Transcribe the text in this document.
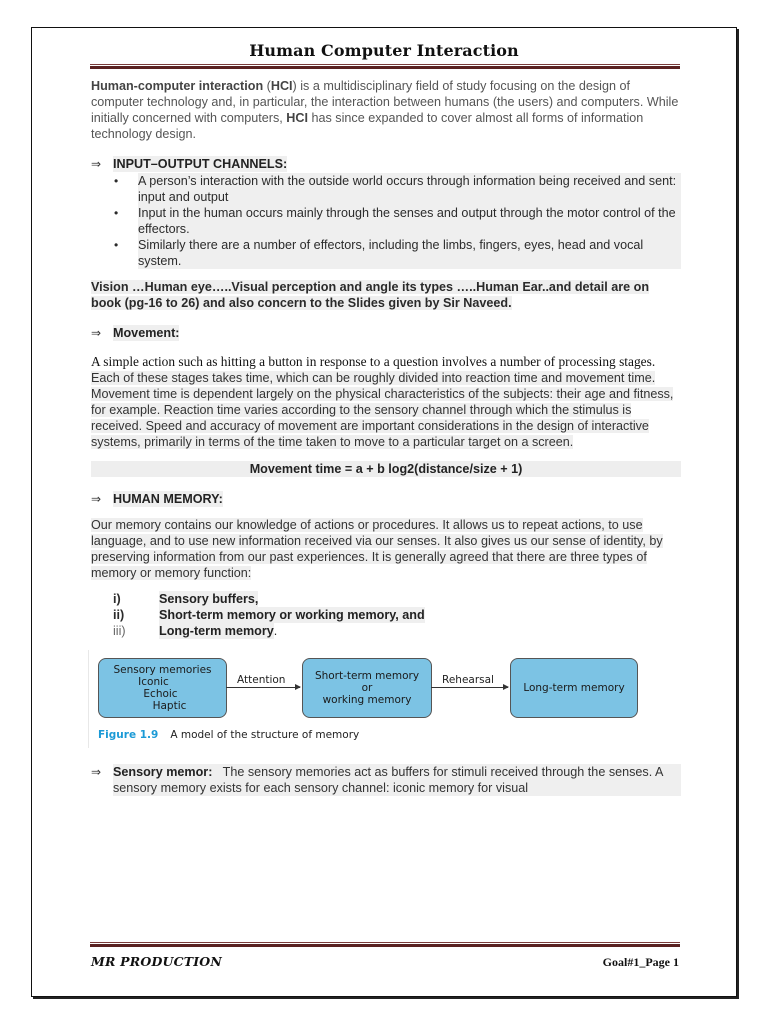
Human Computer Interaction

Human-computer interaction (HCI) is a multidisciplinary field of study focusing on the design of computer technology and, in particular, the interaction between humans (the users) and computers. While initially concerned with computers, HCI has since expanded to cover almost all forms of information technology design.

⇒ INPUT–OUTPUT CHANNELS:
•	A person’s interaction with the outside world occurs through information being received and sent: input and output
•	Input in the human occurs mainly through the senses and output through the motor control of the effectors.
•	Similarly there are a number of effectors, including the limbs, fingers, eyes, head and vocal system.
Vision …Human eye…..Visual perception and angle its types …..Human Ear..and detail are on book (pg-16 to 26) and also concern to the Slides given by Sir Naveed.
⇒ Movement:

A simple action such as hitting a button in response to a question involves a number of processing stages. Each of these stages takes time, which can be roughly divided into reaction time and movement time. Movement time is dependent largely on the physical characteristics of the subjects: their age and fitness, for example. Reaction time varies according to the sensory channel through which the stimulus is received. Speed and accuracy of movement are important considerations in the design of interactive systems, primarily in terms of the time taken to move to a particular target on a screen.

Movement time = a + b log2(distance/size + 1)
⇒ HUMAN MEMORY:

Our memory contains our knowledge of actions or procedures. It allows us to repeat actions, to use language, and to use new information received via our senses. It also gives us our sense of identity, by preserving information from our past experiences. It is generally agreed that there are three types of memory or memory function:

i)	Sensory buffers,
ii)	Short-term memory or working memory, and
iii)	Long-term memory .
Sensory memories
Iconic
Echoic
Haptic
Attention	Short-term memory
or
working memory
Rehearsal
Long-term memory
Figure 1.9 A model of the structure of memory
⇒ Sensory memor: The sensory memories act as buffers for stimuli received through the senses. A sensory memory exists for each sensory channel: iconic memory for visual
MR PRODUCTION	Goal#1_Page 1
